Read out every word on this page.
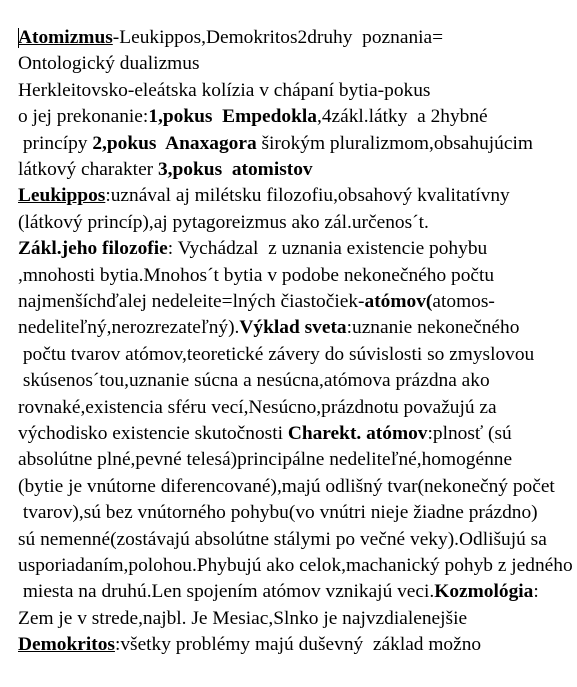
Atomizmus-Leukippos,Demokritos2druhy  poznania=
Ontologický dualizmus
Herkleitovsko-eleátska kolízia v chápaní bytia-pokus
o jej prekonanie:1,pokus  Empedokla,4zákl.látky  a 2hybné
princípy 2,pokus  Anaxagora širokým pluralizmom,obsahujúcim
látkový charakter 3,pokus  atomistov
Leukippos:uznával aj milétsku filozofiu,obsahový kvalitatívny
(látkový princíp),aj pytagoreizmus ako zál.určenos´t.
Zákl.jeho filozofie: Vychádzal  z uznania existencie pohybu
,mnohosti bytia.Mnohos´t bytia v podobe nekonečného počtu
najmenšíchďalej nedeleite=lných čiastočiek-atómov(atomos-
nedeliteľný,nerozrezateľný).Výklad sveta:uznanie nekonečného
počtu tvarov atómov,teoretické závery do súvislosti so zmyslovou
skúsenos´tou,uznanie súcna a nesúcna,atómova prázdna ako
rovnaké,existencia sféru vecí,Nesúcno,prázdnotu považujú za
východisko existencie skutočnosti Charekt. atómov:plnosť (sú
absolútne plné,pevné telesá)principálne nedeliteľné,homogénne
(bytie je vnútorne diferencované),majú odlišný tvar(nekonečný počet
tvarov),sú bez vnútorného pohybu(vo vnútri nieje žiadne prázdno)
sú nemenné(zostávajú absolútne stálymi po večné veky).Odlišujú sa
usporiadaním,polohou.Phybujú ako celok,machanický pohyb z jedného
miesta na druhú.Len spojením atómov vznikajú veci.Kozmológia:
Zem je v strede,najbl. Je Mesiac,Slnko je najvzdialenejšie
Demokritos:všetky problémy majú duševný  základ možno
